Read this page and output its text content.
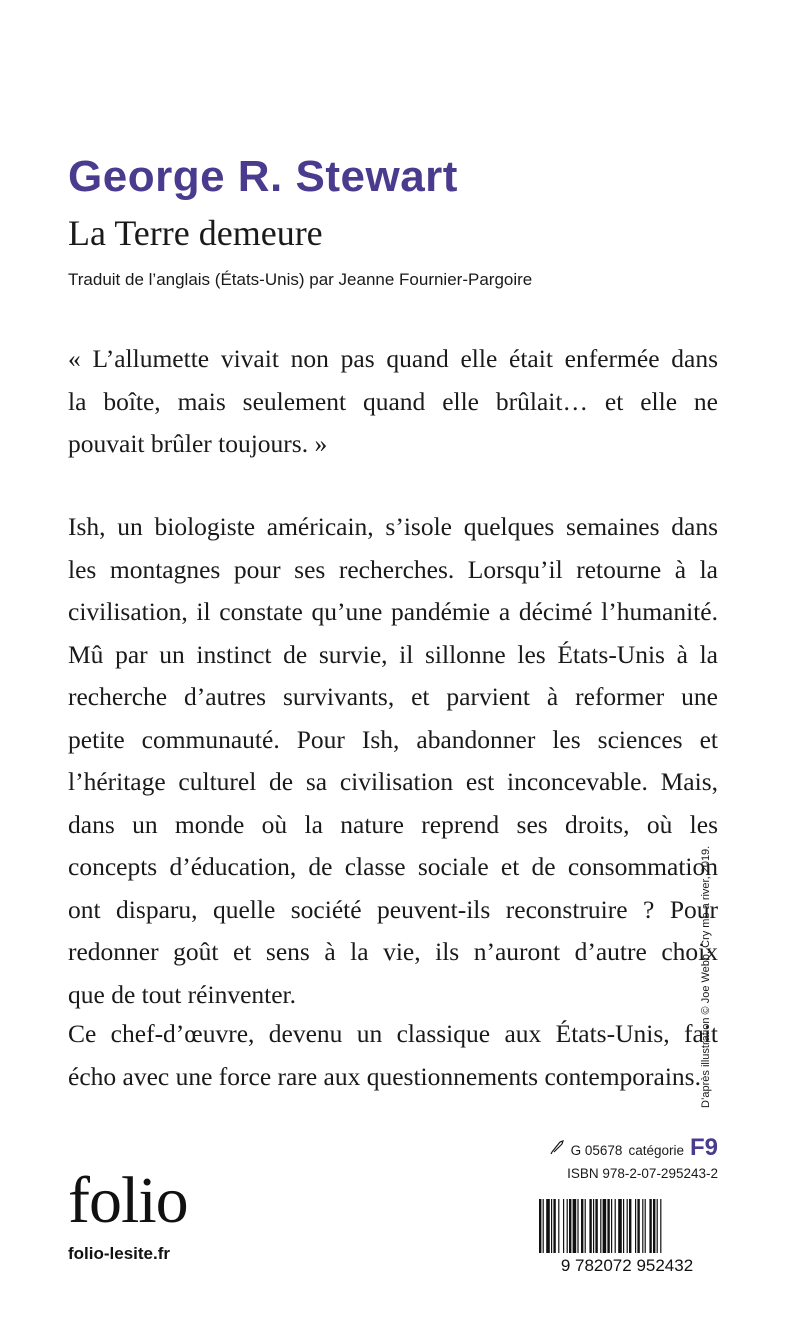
George R. Stewart
La Terre demeure
Traduit de l’anglais (États-Unis) par Jeanne Fournier-Pargoire
« L’allumette vivait non pas quand elle était enfermée dans
la boîte, mais seulement quand elle brûlait… et elle ne
pouvait brûler toujours. »
Ish, un biologiste américain, s’isole quelques semaines dans
les montagnes pour ses recherches. Lorsqu’il retourne à la
civilisation, il constate qu’une pandémie a décimé l’humanité.
Mû par un instinct de survie, il sillonne les États-Unis à la
recherche d’autres survivants, et parvient à reformer une
petite communauté. Pour Ish, abandonner les sciences et
l’héritage culturel de sa civilisation est inconcevable. Mais,
dans un monde où la nature reprend ses droits, où les
concepts d’éducation, de classe sociale et de consommation
ont disparu, quelle société peuvent-ils reconstruire ? Pour
redonner goût et sens à la vie, ils n’auront d’autre choix
que de tout réinventer.
Ce chef-d’œuvre, devenu un classique aux États-Unis, fait
écho avec une force rare aux questionnements contemporains.
G 05678 catégorie F9
ISBN 978-2-07-295243-2
9 782072 952432
folio
folio-lesite.fr
D’après illustration © Joe Webb, Cry me a river, 2019.
